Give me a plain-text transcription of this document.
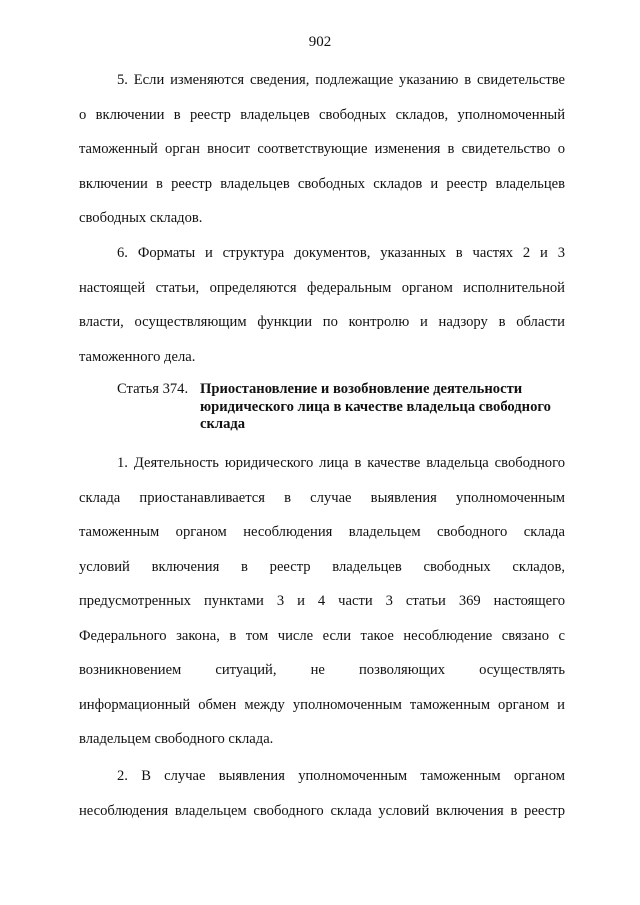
902

5. Если изменяются сведения, подлежащие указанию в свидетельстве
о включении в реестр владельцев свободных складов, уполномоченный
таможенный орган вносит соответствующие изменения в свидетельство о
включении в реестр владельцев свободных складов и реестр владельцев
свободных складов.

6. Форматы и структура документов, указанных в частях 2 и 3
настоящей статьи, определяются федеральным органом исполнительной
власти, осуществляющим функции по контролю и надзору в области
таможенного дела.

Статья 374. Приостановление и возобновление деятельности
юридического лица в качестве владельца свободного
склада

1. Деятельность юридического лица в качестве владельца свободного
склада приостанавливается в случае выявления уполномоченным
таможенным органом несоблюдения владельцем свободного склада
условий включения в реестр владельцев свободных складов,
предусмотренных пунктами 3 и 4 части 3 статьи 369 настоящего
Федерального закона, в том числе если такое несоблюдение связано с
возникновением ситуаций, не позволяющих осуществлять
информационный обмен между уполномоченным таможенным органом и
владельцем свободного склада.

2. В случае выявления уполномоченным таможенным органом
несоблюдения владельцем свободного склада условий включения в реестр
